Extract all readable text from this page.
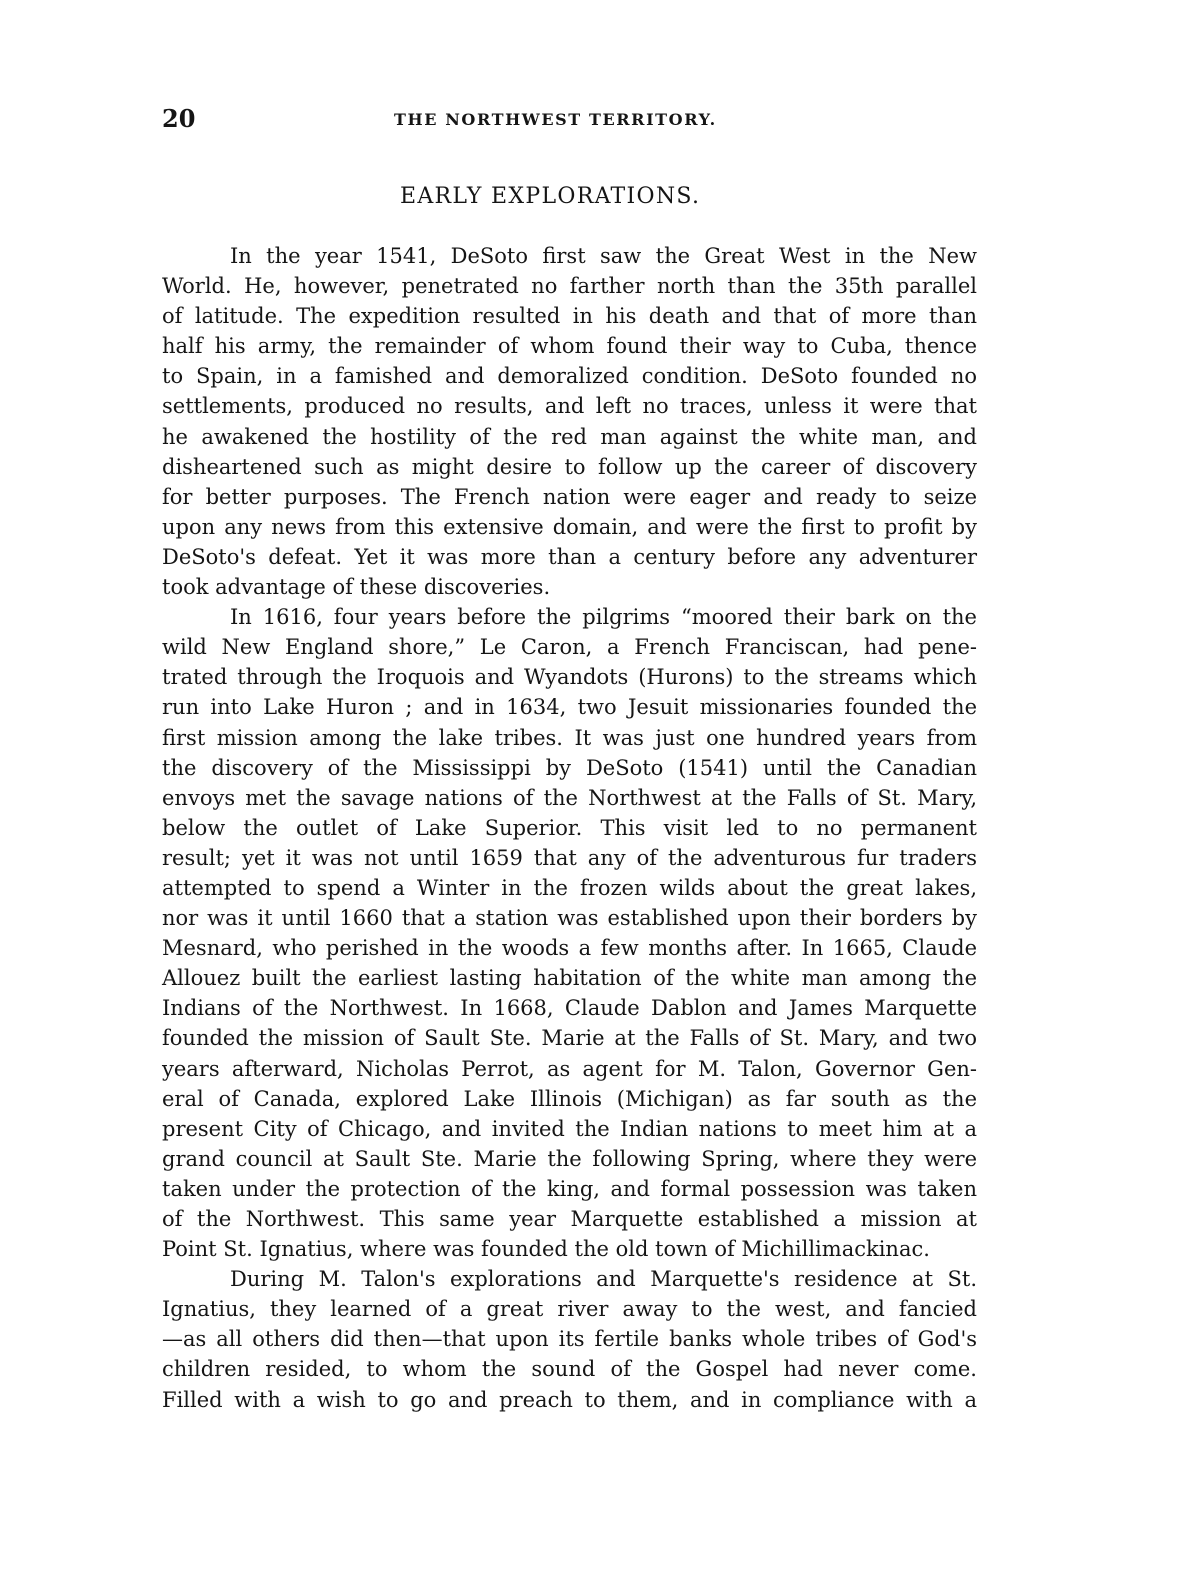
20	THE NORTHWEST TERRITORY.
EARLY EXPLORATIONS.
In the year 1541, DeSoto first saw the Great West in the New
World. He, however, penetrated no farther north than the 35th parallel
of latitude. The expedition resulted in his death and that of more than
half his army, the remainder of whom found their way to Cuba, thence
to Spain, in a famished and demoralized condition. DeSoto founded no
settlements, produced no results, and left no traces, unless it were that
he awakened the hostility of the red man against the white man, and
disheartened such as might desire to follow up the career of discovery
for better purposes. The French nation were eager and ready to seize
upon any news from this extensive domain, and were the first to profit by
DeSoto's defeat. Yet it was more than a century before any adventurer
took advantage of these discoveries.
In 1616, four years before the pilgrims “moored their bark on the
wild New England shore,” Le Caron, a French Franciscan, had pene-
trated through the Iroquois and Wyandots (Hurons) to the streams which
run into Lake Huron ; and in 1634, two Jesuit missionaries founded the
first mission among the lake tribes. It was just one hundred years from
the discovery of the Mississippi by DeSoto (1541) until the Canadian
envoys met the savage nations of the Northwest at the Falls of St. Mary,
below the outlet of Lake Superior. This visit led to no permanent
result; yet it was not until 1659 that any of the adventurous fur traders
attempted to spend a Winter in the frozen wilds about the great lakes,
nor was it until 1660 that a station was established upon their borders by
Mesnard, who perished in the woods a few months after. In 1665, Claude
Allouez built the earliest lasting habitation of the white man among the
Indians of the Northwest. In 1668, Claude Dablon and James Marquette
founded the mission of Sault Ste. Marie at the Falls of St. Mary, and two
years afterward, Nicholas Perrot, as agent for M. Talon, Governor Gen-
eral of Canada, explored Lake Illinois (Michigan) as far south as the
present City of Chicago, and invited the Indian nations to meet him at a
grand council at Sault Ste. Marie the following Spring, where they were
taken under the protection of the king, and formal possession was taken
of the Northwest. This same year Marquette established a mission at
Point St. Ignatius, where was founded the old town of Michillimackinac.
During M. Talon's explorations and Marquette's residence at St.
Ignatius, they learned of a great river away to the west, and fancied
—as all others did then—that upon its fertile banks whole tribes of God's
children resided, to whom the sound of the Gospel had never come.
Filled with a wish to go and preach to them, and in compliance with a
